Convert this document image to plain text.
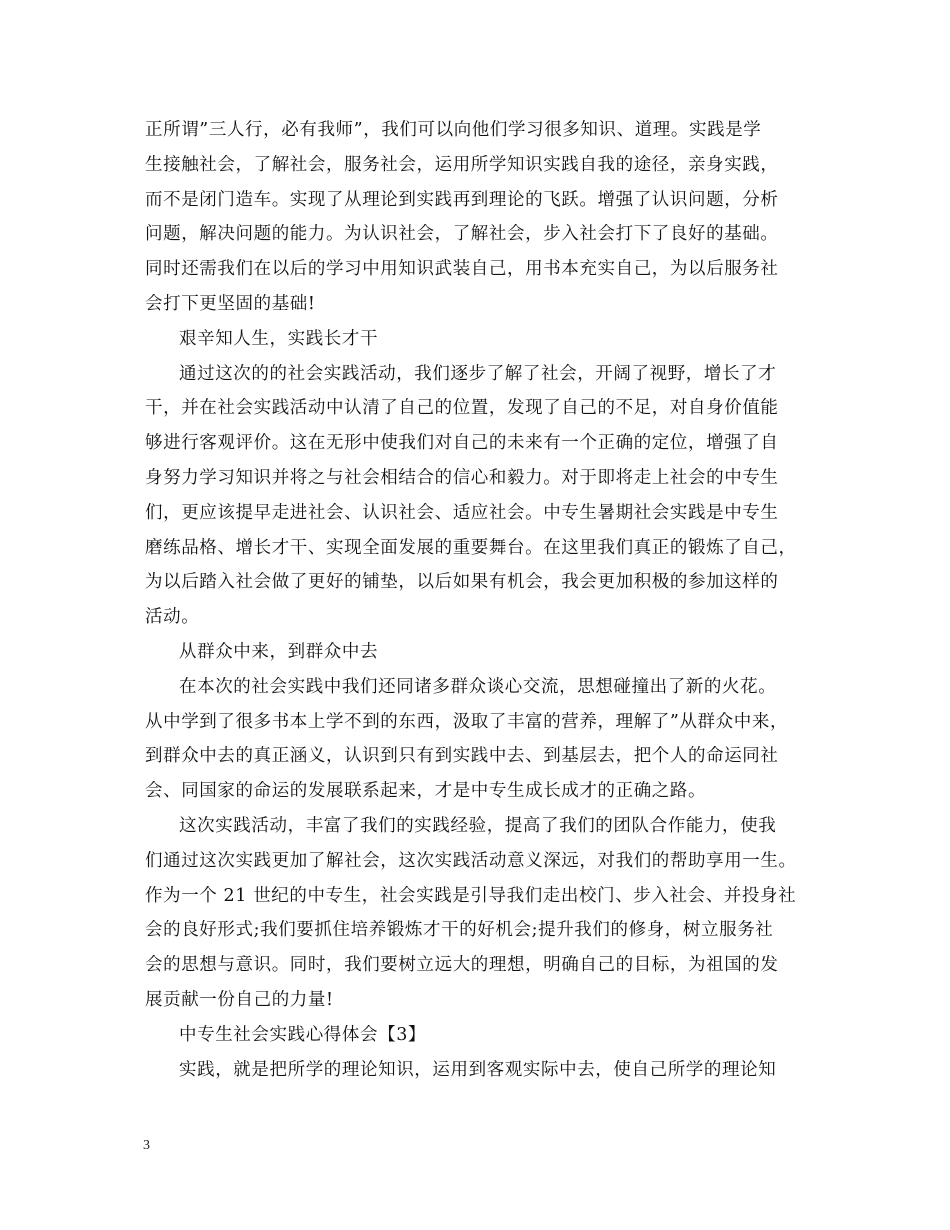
正所谓”三人行，必有我师”，我们可以向他们学习很多知识、道理。实践是学
生接触社会，了解社会，服务社会，运用所学知识实践自我的途径，亲身实践，
而不是闭门造车。实现了从理论到实践再到理论的飞跃。增强了认识问题，分析
问题，解决问题的能力。为认识社会，了解社会，步入社会打下了良好的基础。
同时还需我们在以后的学习中用知识武装自己，用书本充实自己，为以后服务社
会打下更坚固的基础!
艰辛知人生，实践长才干
通过这次的的社会实践活动，我们逐步了解了社会，开阔了视野，增长了才
干，并在社会实践活动中认清了自己的位置，发现了自己的不足，对自身价值能
够进行客观评价。这在无形中使我们对自己的未来有一个正确的定位，增强了自
身努力学习知识并将之与社会相结合的信心和毅力。对于即将走上社会的中专生
们，更应该提早走进社会、认识社会、适应社会。中专生暑期社会实践是中专生
磨练品格、增长才干、实现全面发展的重要舞台。在这里我们真正的锻炼了自己，
为以后踏入社会做了更好的铺垫，以后如果有机会，我会更加积极的参加这样的
活动。
从群众中来，到群众中去
在本次的社会实践中我们还同诸多群众谈心交流，思想碰撞出了新的火花。
从中学到了很多书本上学不到的东西，汲取了丰富的营养，理解了”从群众中来，
到群众中去的真正涵义，认识到只有到实践中去、到基层去，把个人的命运同社
会、同国家的命运的发展联系起来，才是中专生成长成才的正确之路。
这次实践活动，丰富了我们的实践经验，提高了我们的团队合作能力，使我
们通过这次实践更加了解社会，这次实践活动意义深远，对我们的帮助享用一生。
作为一个 21 世纪的中专生，社会实践是引导我们走出校门、步入社会、并投身社
会的良好形式;我们要抓住培养锻炼才干的好机会;提升我们的修身，树立服务社
会的思想与意识。同时，我们要树立远大的理想，明确自己的目标，为祖国的发
展贡献一份自己的力量!
中专生社会实践心得体会【3】
实践，就是把所学的理论知识，运用到客观实际中去，使自己所学的理论知
3
